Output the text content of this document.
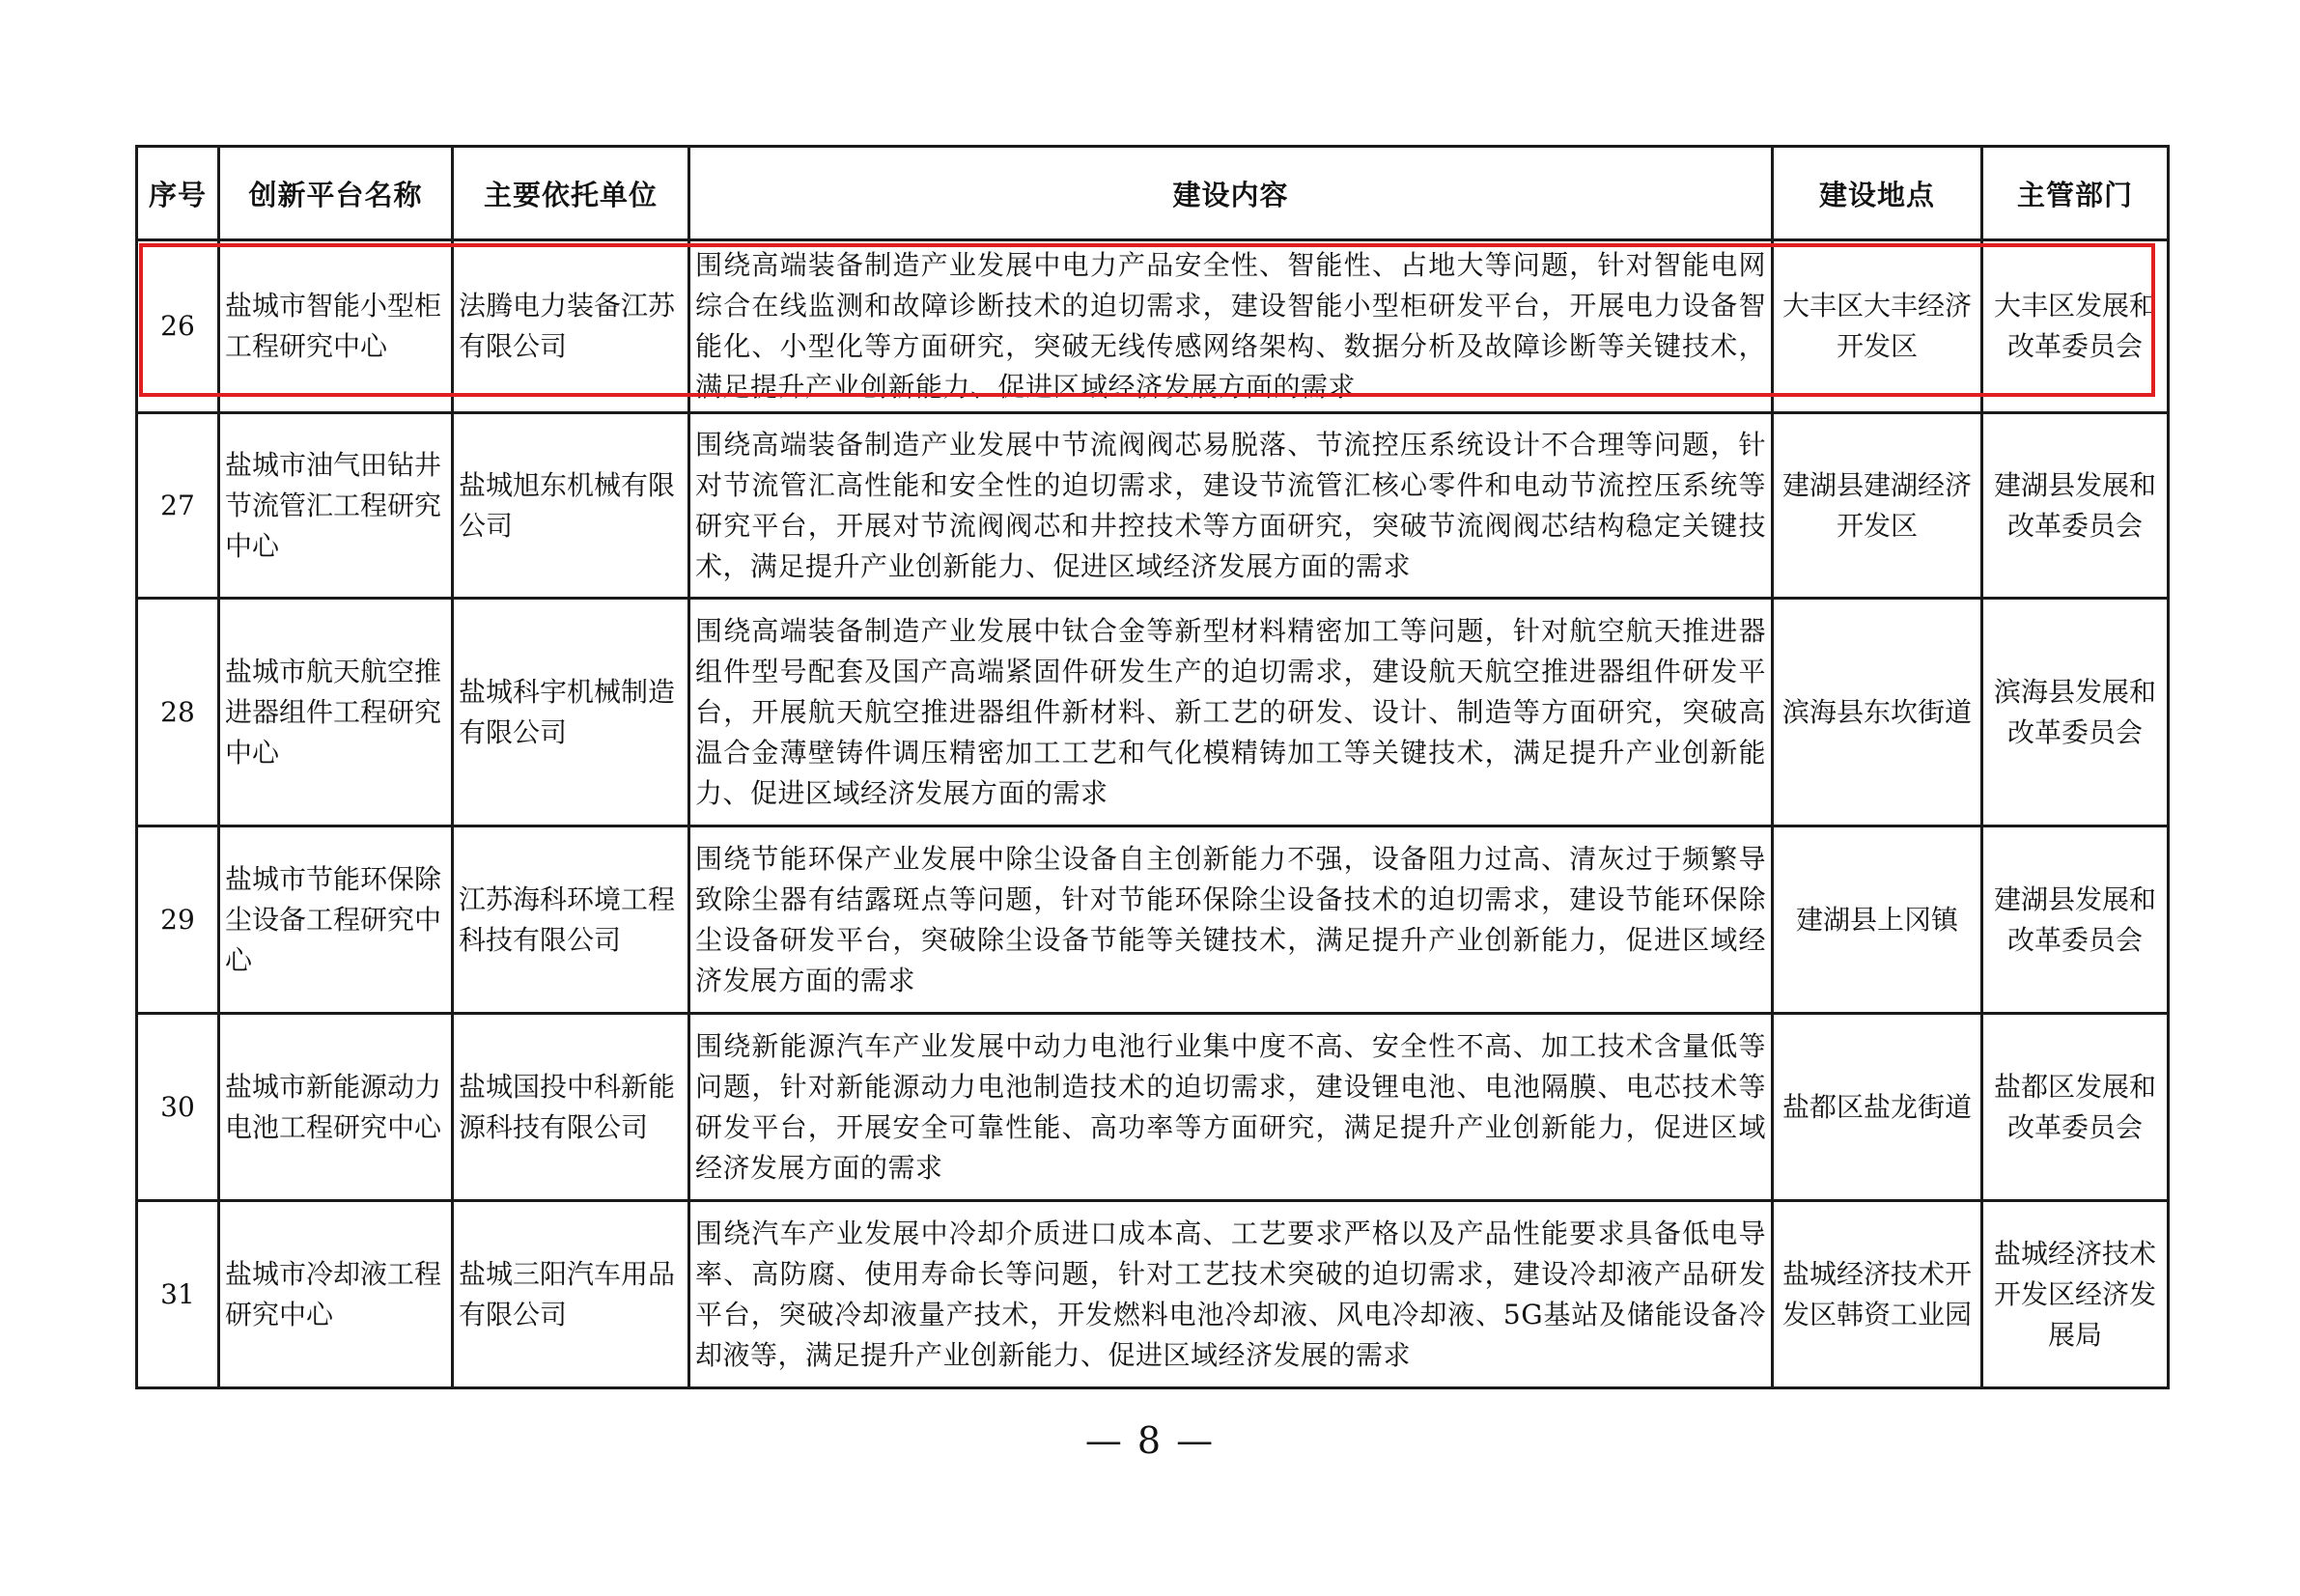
序号	创新平台名称	主要依托单位	建设内容	建设地点	主管部门
26	盐城市智能小型柜工程研究中心	法腾电力装备江苏有限公司	围绕高端装备制造产业发展中电力产品安全性、智能性、占地大等问题，针对智能电网综合在线监测和故障诊断技术的迫切需求，建设智能小型柜研发平台，开展电力设备智能化、小型化等方面研究，突破无线传感网络架构、数据分析及故障诊断等关键技术，满足提升产业创新能力、促进区域经济发展方面的需求	大丰区大丰经济开发区	大丰区发展和改革委员会
27	盐城市油气田钻井节流管汇工程研究中心	盐城旭东机械有限公司	围绕高端装备制造产业发展中节流阀阀芯易脱落、节流控压系统设计不合理等问题，针对节流管汇高性能和安全性的迫切需求，建设节流管汇核心零件和电动节流控压系统等研究平台，开展对节流阀阀芯和井控技术等方面研究，突破节流阀阀芯结构稳定关键技术，满足提升产业创新能力、促进区域经济发展方面的需求	建湖县建湖经济开发区	建湖县发展和改革委员会
28	盐城市航天航空推进器组件工程研究中心	盐城科宇机械制造有限公司	围绕高端装备制造产业发展中钛合金等新型材料精密加工等问题，针对航空航天推进器组件型号配套及国产高端紧固件研发生产的迫切需求，建设航天航空推进器组件研发平台，开展航天航空推进器组件新材料、新工艺的研发、设计、制造等方面研究，突破高温合金薄壁铸件调压精密加工工艺和气化模精铸加工等关键技术，满足提升产业创新能力、促进区域经济发展方面的需求	滨海县东坎街道	滨海县发展和改革委员会
29	盐城市节能环保除尘设备工程研究中心	江苏海科环境工程科技有限公司	围绕节能环保产业发展中除尘设备自主创新能力不强，设备阻力过高、清灰过于频繁导致除尘器有结露斑点等问题，针对节能环保除尘设备技术的迫切需求，建设节能环保除尘设备研发平台，突破除尘设备节能等关键技术，满足提升产业创新能力，促进区域经济发展方面的需求	建湖县上冈镇	建湖县发展和改革委员会
30	盐城市新能源动力电池工程研究中心	盐城国投中科新能源科技有限公司	围绕新能源汽车产业发展中动力电池行业集中度不高、安全性不高、加工技术含量低等问题，针对新能源动力电池制造技术的迫切需求，建设锂电池、电池隔膜、电芯技术等研发平台，开展安全可靠性能、高功率等方面研究，满足提升产业创新能力，促进区域经济发展方面的需求	盐都区盐龙街道	盐都区发展和改革委员会
31	盐城市冷却液工程研究中心	盐城三阳汽车用品有限公司	围绕汽车产业发展中冷却介质进口成本高、工艺要求严格以及产品性能要求具备低电导率、高防腐、使用寿命长等问题，针对工艺技术突破的迫切需求，建设冷却液产品研发平台，突破冷却液量产技术，开发燃料电池冷却液、风电冷却液、5G基站及储能设备冷却液等，满足提升产业创新能力、促进区域经济发展的需求	盐城经济技术开发区韩资工业园	盐城经济技术开发区经济发展局
— 8 —
